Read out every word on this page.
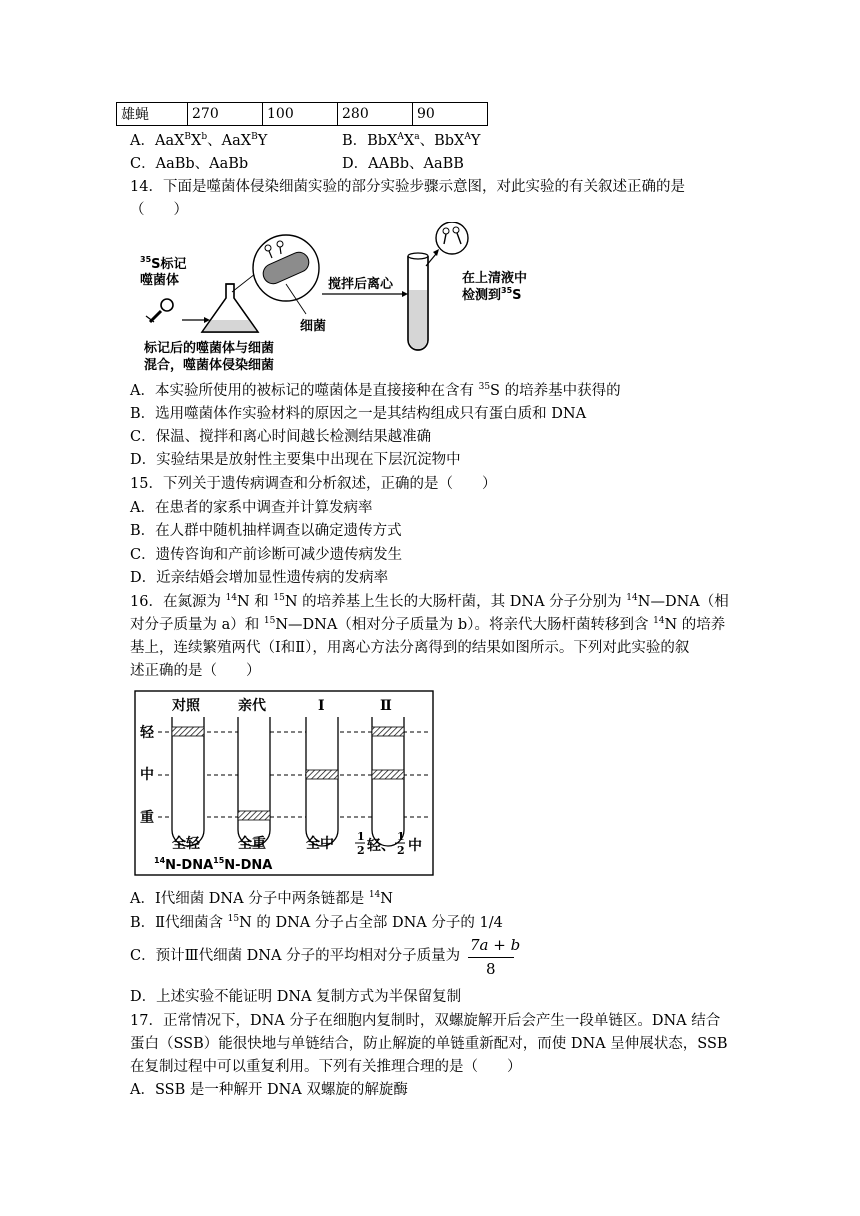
雄蝇	270	100	280	90
A．$AaX^BX^b$、AaX$^B$Y	B．$BbX^AX^a$、BbX$^A$Y
C．AaBb、AaBb	D．AABb、AaBB
14．下面是噬菌体侵染细菌实验的部分实验步骤示意图，对此实验的有关叙述正确的是
（　　）
$^{35}$S标记
噬菌体
细菌
搅拌后离心	在上清液中
检测到$^{35}$S
标记后的噬菌体与细菌
混合，噬菌体侵染细菌
A．本实验所使用的被标记的噬菌体是直接接种在含有 $^{35}$S 的培养基中获得的
B．选用噬菌体作实验材料的原因之一是其结构组成只有蛋白质和 DNA
C．保温、搅拌和离心时间越长检测结果越准确
D．实验结果是放射性主要集中出现在下层沉淀物中
15．下列关于遗传病调查和分析叙述，正确的是（　　）
A．在患者的家系中调查并计算发病率
B．在人群中随机抽样调查以确定遗传方式
C．遗传咨询和产前诊断可减少遗传病发生
D．近亲结婚会增加显性遗传病的发病率
16．在氮源为 $^{14}$N 和 $^{15}$N 的培养基上生长的大肠杆菌，其 DNA 分子分别为 $^{14}$N—DNA（相
对分子质量为 a）和 $^{15}$N—DNA（相对分子质量为 b）。将亲代大肠杆菌转移到含 $^{14}$N 的培养
基上，连续繁殖两代（Ⅰ和Ⅱ），用离心方法分离得到的结果如图所示。下列对此实验的叙
述正确的是（　　）
对照	亲代	Ⅰ	Ⅱ
轻
中
重
全轻	全重	全中 1
2 轻、
1
2 中
$^{14}$N-DNA$^{15}$N-DNA
A．Ⅰ代细菌 DNA 分子中两条链都是 $^{14}$N
B．Ⅱ代细菌含 $^{15}$N 的 DNA 分子占全部 DNA 分子的 1/4
C．预计Ⅲ代细菌 DNA 分子的平均相对分子质量为
7a + b
8
D．上述实验不能证明 DNA 复制方式为半保留复制
17．正常情况下，DNA 分子在细胞内复制时，双螺旋解开后会产生一段单链区。DNA 结合
蛋白（SSB）能很快地与单链结合，防止解旋的单链重新配对，而使 DNA 呈伸展状态，SSB
在复制过程中可以重复利用。下列有关推理合理的是（　　）
A．SSB 是一种解开 DNA 双螺旋的解旋酶
